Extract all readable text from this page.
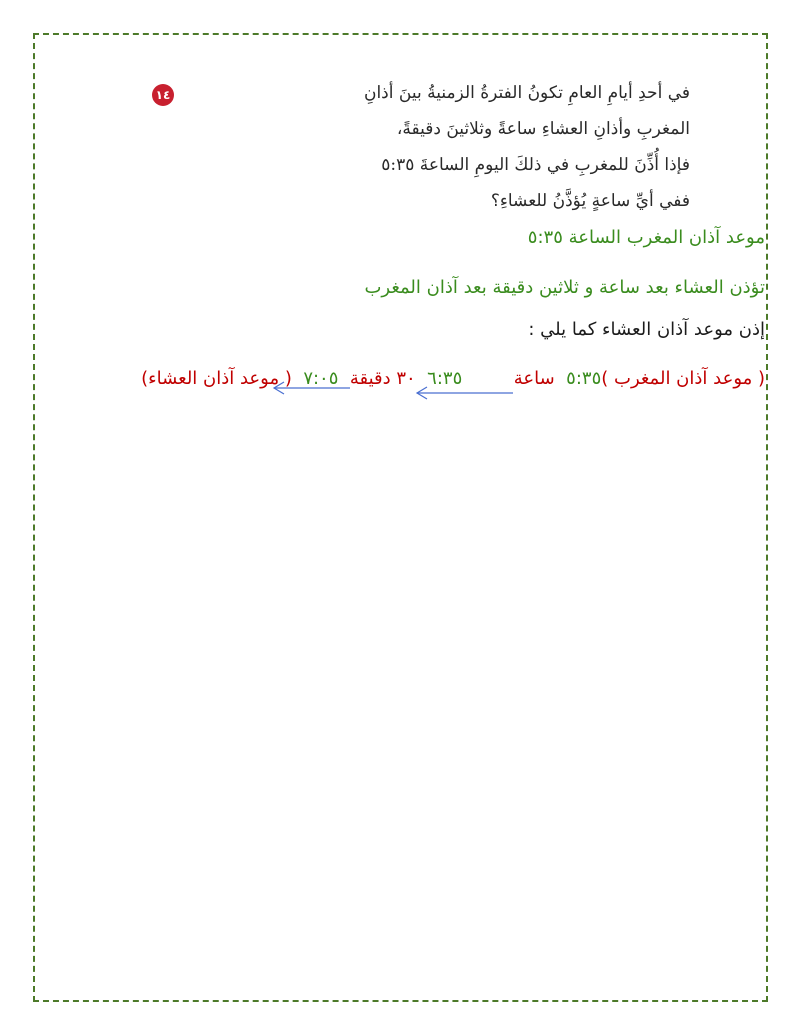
١٤	في أحدِ أيامِ العامِ تكونُ الفترةُ الزمنيةُ بينَ أذانِ
المغربِ وأذانِ العشاءِ ساعةً وثلاثينَ دقيقةً،
فإذا أُذِّنَ للمغربِ في ذلكَ اليومِ الساعةَ ٥:٣٥
ففي أيِّ ساعةٍ يُؤذَّنُ للعشاءِ؟
موعد آذان المغرب الساعة ٥:٣٥
تؤذن العشاء بعد ساعة و ثلاثين دقيقة بعد آذان المغرب
إذن موعد آذان العشاء كما يلي :
( موعد آذان المغرب )٥:٣٥  ساعة         ٦:٣٥  ٣٠ دقيقة  ٧:٠٥  ( موعد آذان العشاء)
